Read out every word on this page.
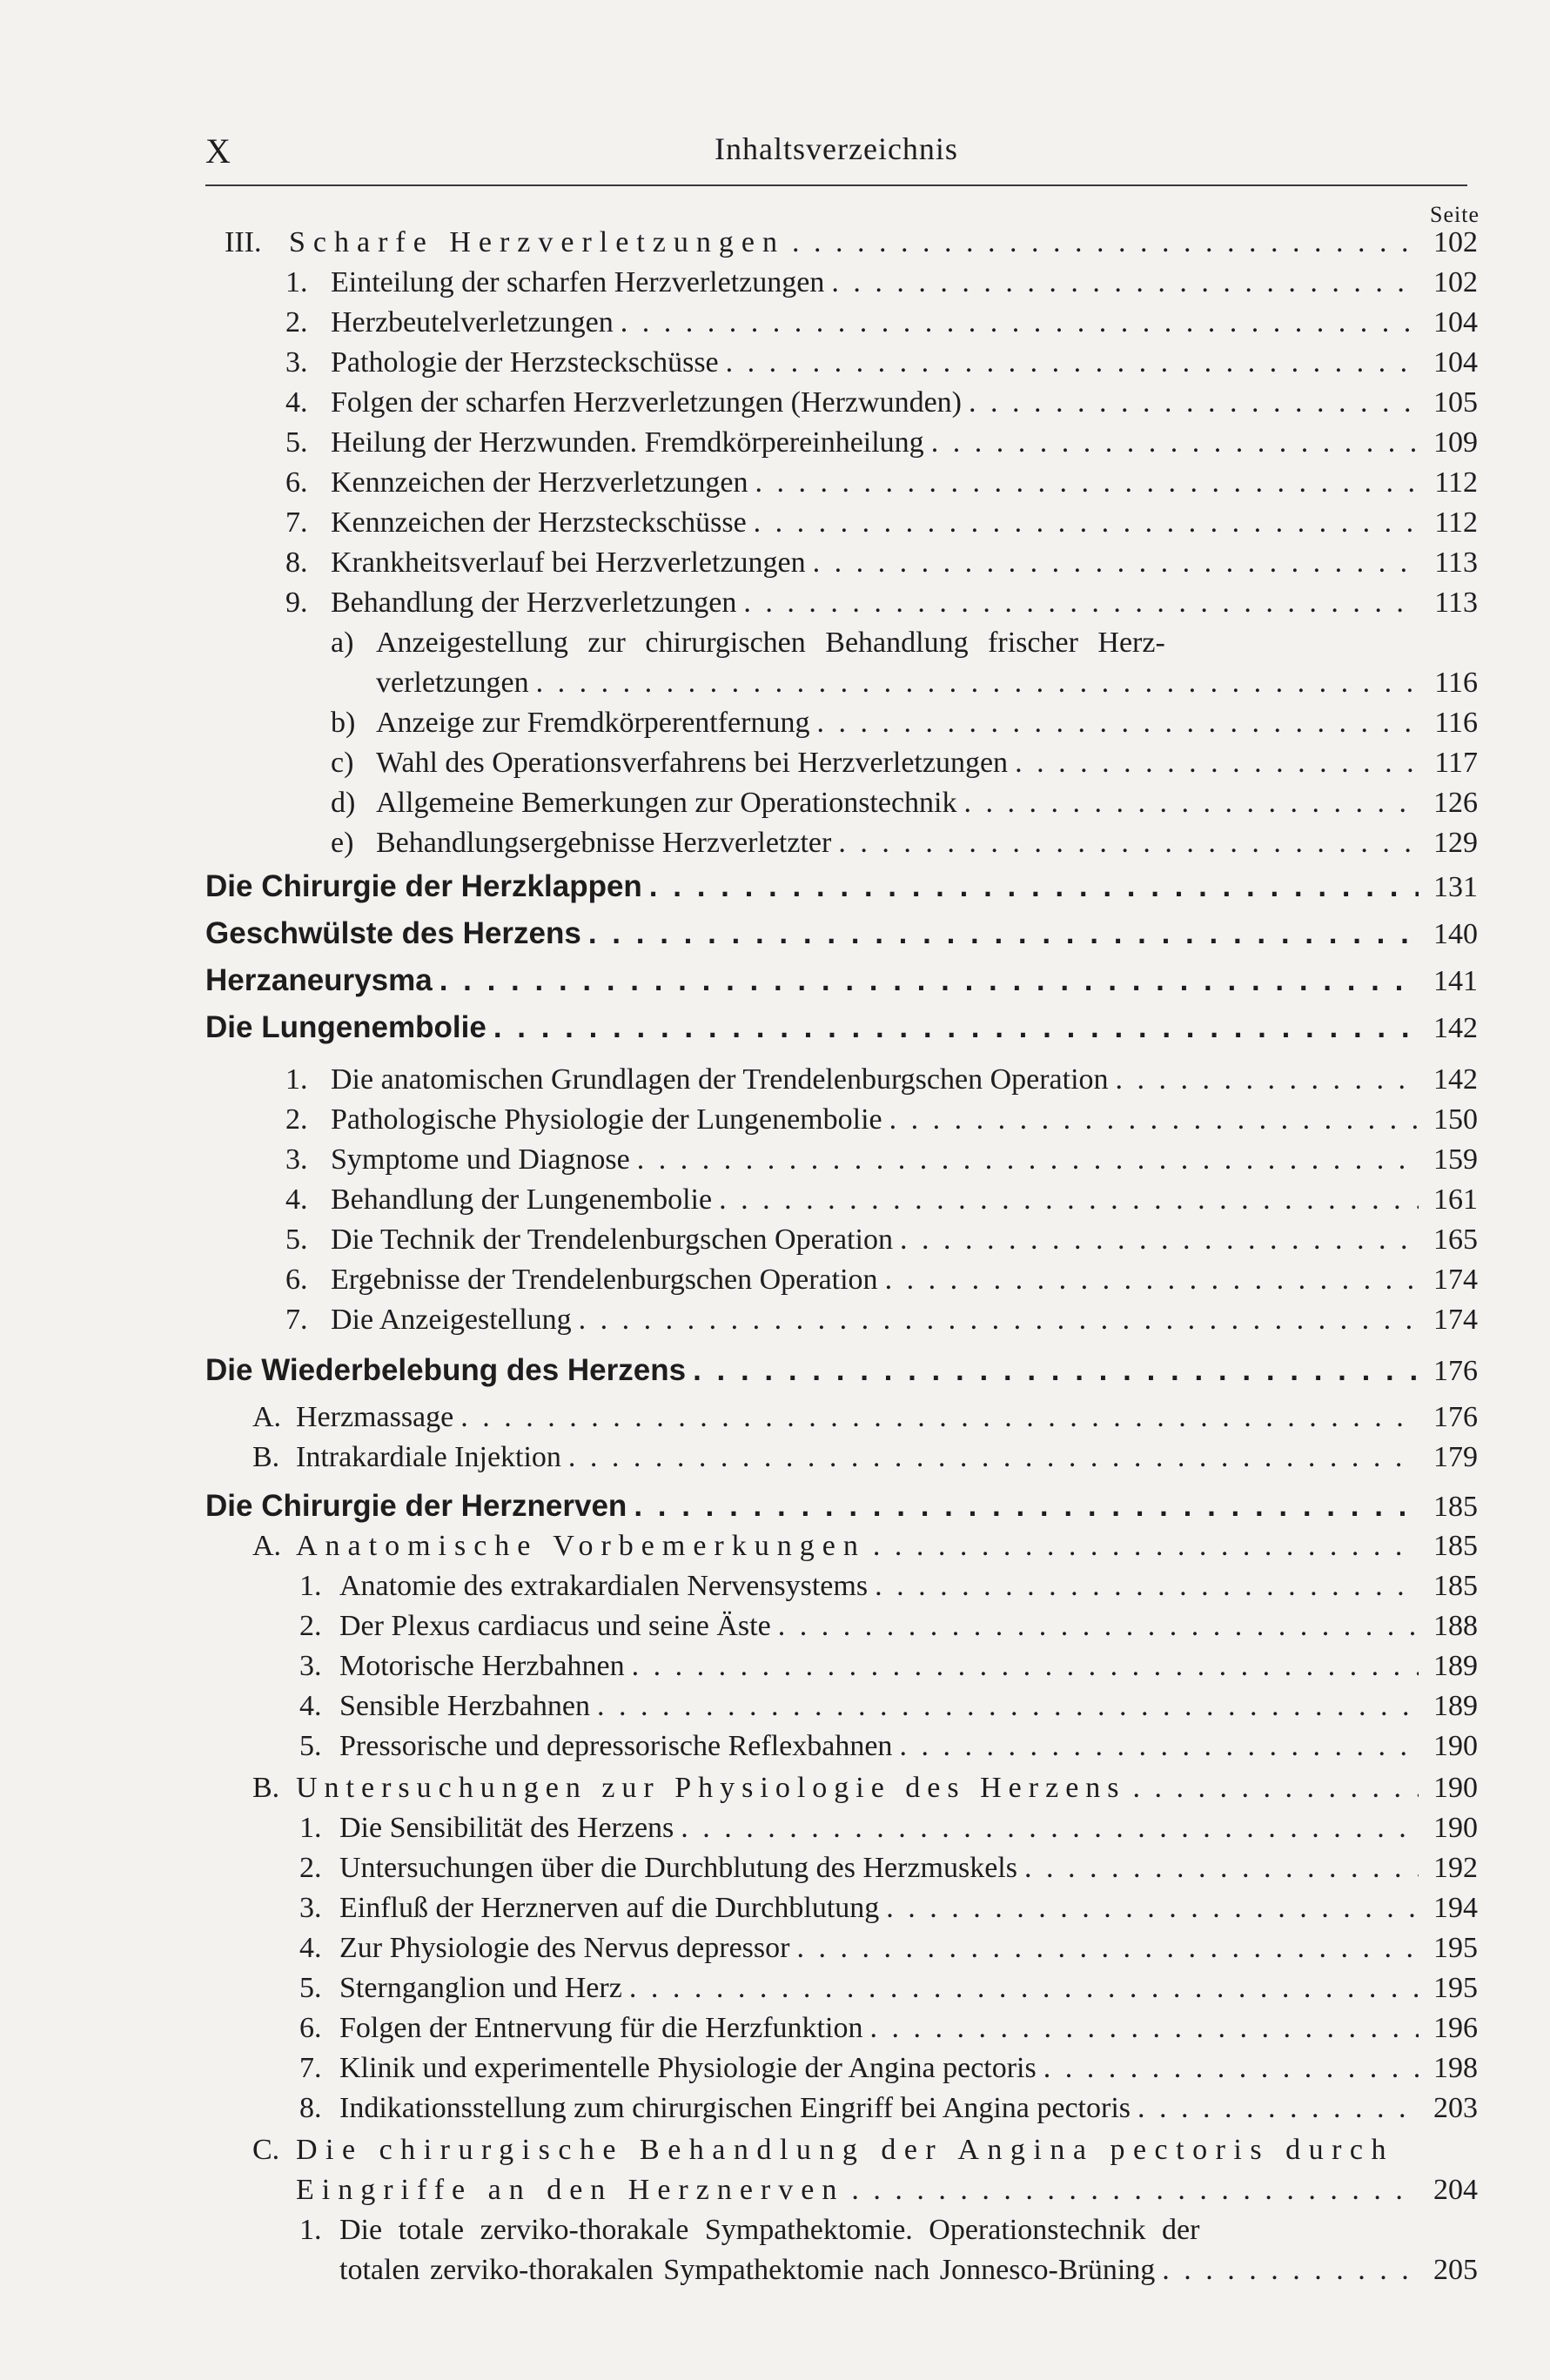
X	Inhaltsverzeichnis
Seite
III. Scharfe Herzverletzungen . . .	102
1. Einteilung der scharfen Herzverletzungen . . .	102
2. Herzbeutelverletzungen . . .	104
3. Pathologie der Herzsteckschüsse . . .	104
4. Folgen der scharfen Herzverletzungen (Herzwunden) . . .	105
5. Heilung der Herzwunden. Fremdkörpereinheilung . . .	109
6. Kennzeichen der Herzverletzungen . . .	112
7. Kennzeichen der Herzsteckschüsse . . .	112
8. Krankheitsverlauf bei Herzverletzungen . . .	113
9. Behandlung der Herzverletzungen . . .	113
a) Anzeigestellung zur chirurgischen Behandlung frischer Herz-
verletzungen . . .	116
b) Anzeige zur Fremdkörperentfernung . . .	116
c) Wahl des Operationsverfahrens bei Herzverletzungen . . .	117
d) Allgemeine Bemerkungen zur Operationstechnik . . .	126
e) Behandlungsergebnisse Herzverletzter . . .	129
Die Chirurgie der Herzklappen . . .	131
Geschwülste des Herzens . . .	140
Herzaneurysma . . .	141
Die Lungenembolie . . .	142
1. Die anatomischen Grundlagen der Trendelenburgschen Operation . . .	142
2. Pathologische Physiologie der Lungenembolie . . .	150
3. Symptome und Diagnose . . .	159
4. Behandlung der Lungenembolie . . .	161
5. Die Technik der Trendelenburgschen Operation . . .	165
6. Ergebnisse der Trendelenburgschen Operation . . .	174
7. Die Anzeigestellung . . .	174
Die Wiederbelebung des Herzens . . .	176
A. Herzmassage . . .	176
B. Intrakardiale Injektion . . .	179
Die Chirurgie der Herznerven . . .	185
A. Anatomische Vorbemerkungen . . .	185
1. Anatomie des extrakardialen Nervensystems . . .	185
2. Der Plexus cardiacus und seine Äste . . .	188
3. Motorische Herzbahnen . . .	189
4. Sensible Herzbahnen . . .	189
5. Pressorische und depressorische Reflexbahnen . . .	190
B. Untersuchungen zur Physiologie des Herzens . . .	190
1. Die Sensibilität des Herzens . . .	190
2. Untersuchungen über die Durchblutung des Herzmuskels . . .	192
3. Einfluß der Herznerven auf die Durchblutung . . .	194
4. Zur Physiologie des Nervus depressor . . .	195
5. Sternganglion und Herz . . .	195
6. Folgen der Entnervung für die Herzfunktion . . .	196
7. Klinik und experimentelle Physiologie der Angina pectoris . . .	198
8. Indikationsstellung zum chirurgischen Eingriff bei Angina pectoris . . .	203
C. Die chirurgische Behandlung der Angina pectoris durch
Eingriffe an den Herznerven . . .	204
1. Die totale zerviko-thorakale Sympathektomie. Operationstechnik der
totalen zerviko-thorakalen Sympathektomie nach Jonnesco-Brüning . . .	205
